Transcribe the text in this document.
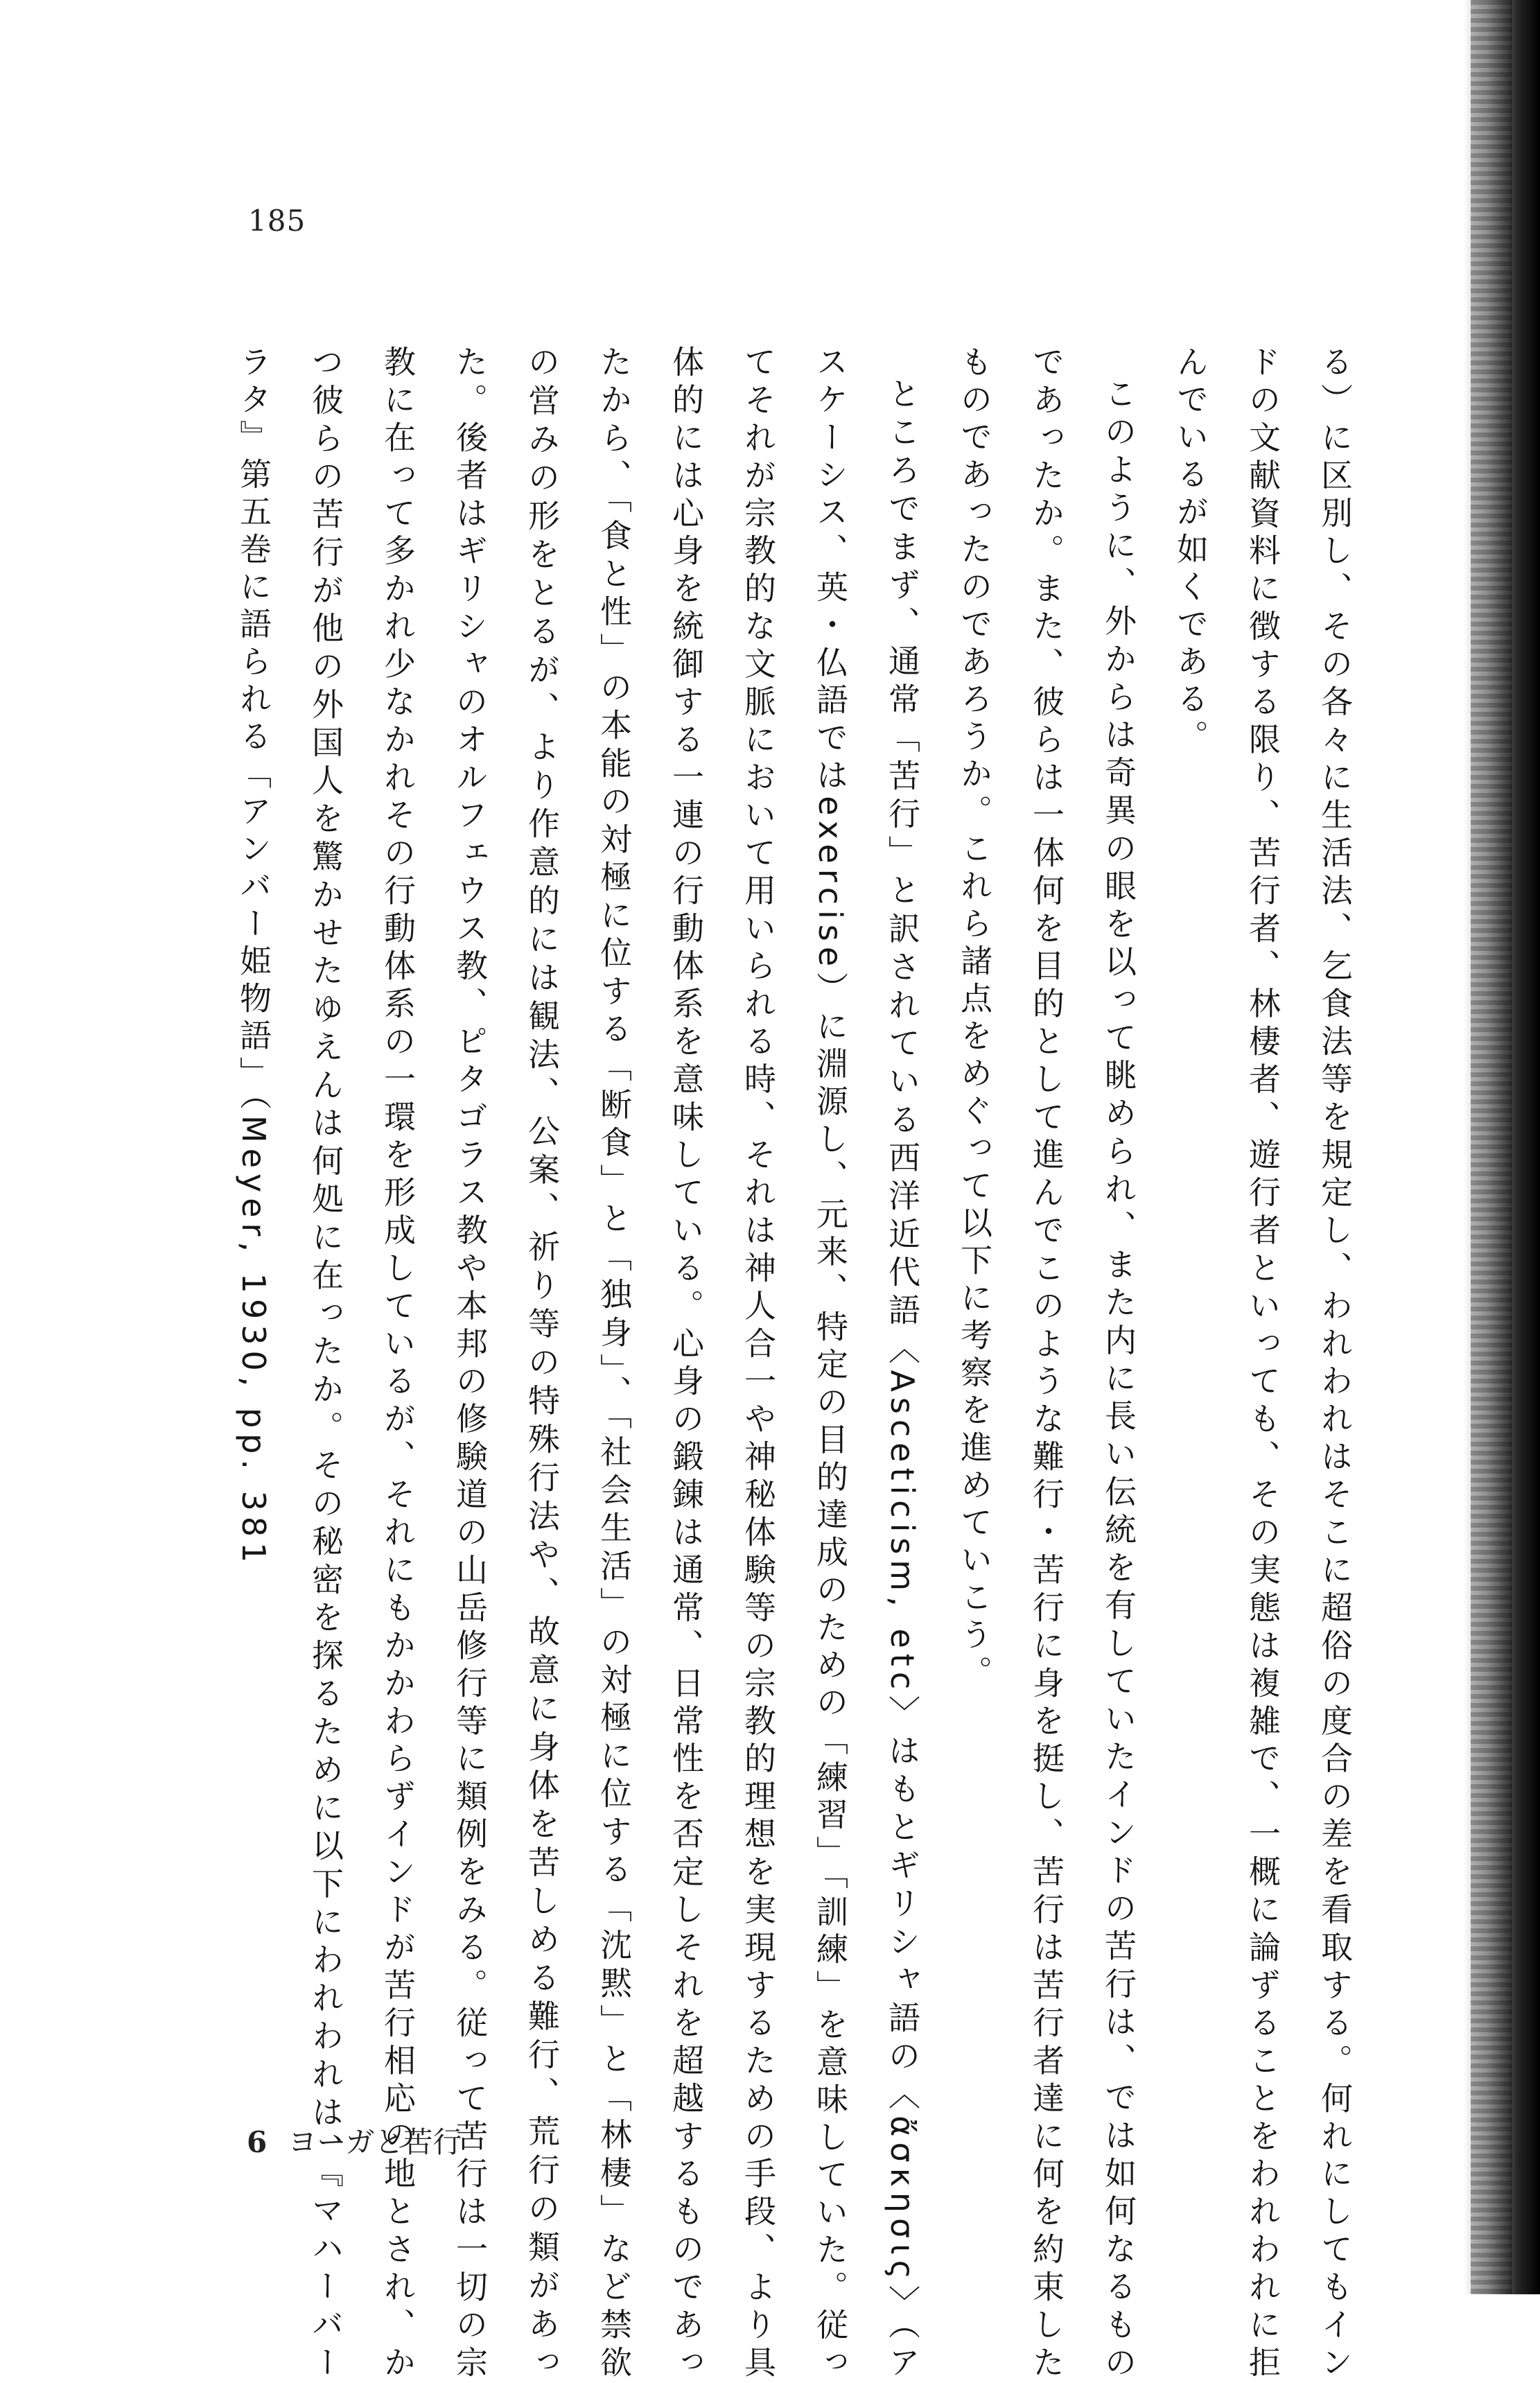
185

る）に区別し、その各々に生活法、乞食法等を規定し、われわれはそこに超俗の度合の差を看取する。何れにしてもインドの文献資料に徴する限り、苦行者、林棲者、遊行者といっても、その実態は複雑で、一概に論ずることをわれわれに拒んでいるが如くである。

このように、外からは奇異の眼を以って眺められ、また内に長い伝統を有していたインドの苦行は、では如何なるものであったか。また、彼らは一体何を目的として進んでこのような難行・苦行に身を挺し、苦行は苦行者達に何を約束したものであったのであろうか。これら諸点をめぐって以下に考察を進めていこう。

ところでまず、通常「苦行」と訳されている西洋近代語〈Asceticism, etc〉はもとギリシャ語の〈ἄσκησις〉（アスケーシス、英・仏語ではexercise）に淵源し、元来、特定の目的達成のための「練習」「訓練」を意味していた。従ってそれが宗教的な文脈において用いられる時、それは神人合一や神秘体験等の宗教的理想を実現するための手段、より具体的には心身を統御する一連の行動体系を意味している。心身の鍛錬は通常、日常性を否定しそれを超越するものであったから、「食と性」の本能の対極に位する「断食」と「独身」、「社会生活」の対極に位する「沈黙」と「林棲」など禁欲の営みの形をとるが、より作意的には観法、公案、祈り等の特殊行法や、故意に身体を苦しめる難行、荒行の類があった。後者はギリシャのオルフェウス教、ピタゴラス教や本邦の修験道の山岳修行等に類例をみる。従って苦行は一切の宗教に在って多かれ少なかれその行動体系の一環を形成しているが、それにもかかわらずインドが苦行相応の地とされ、かつ彼らの苦行が他の外国人を驚かせたゆえんは何処に在ったか。その秘密を探るために以下にわれわれは、『マハーバーラタ』第五巻に語られる「アンバー姫物語」（Meyer, 1930, pp. 381

6 ヨーガと苦行
